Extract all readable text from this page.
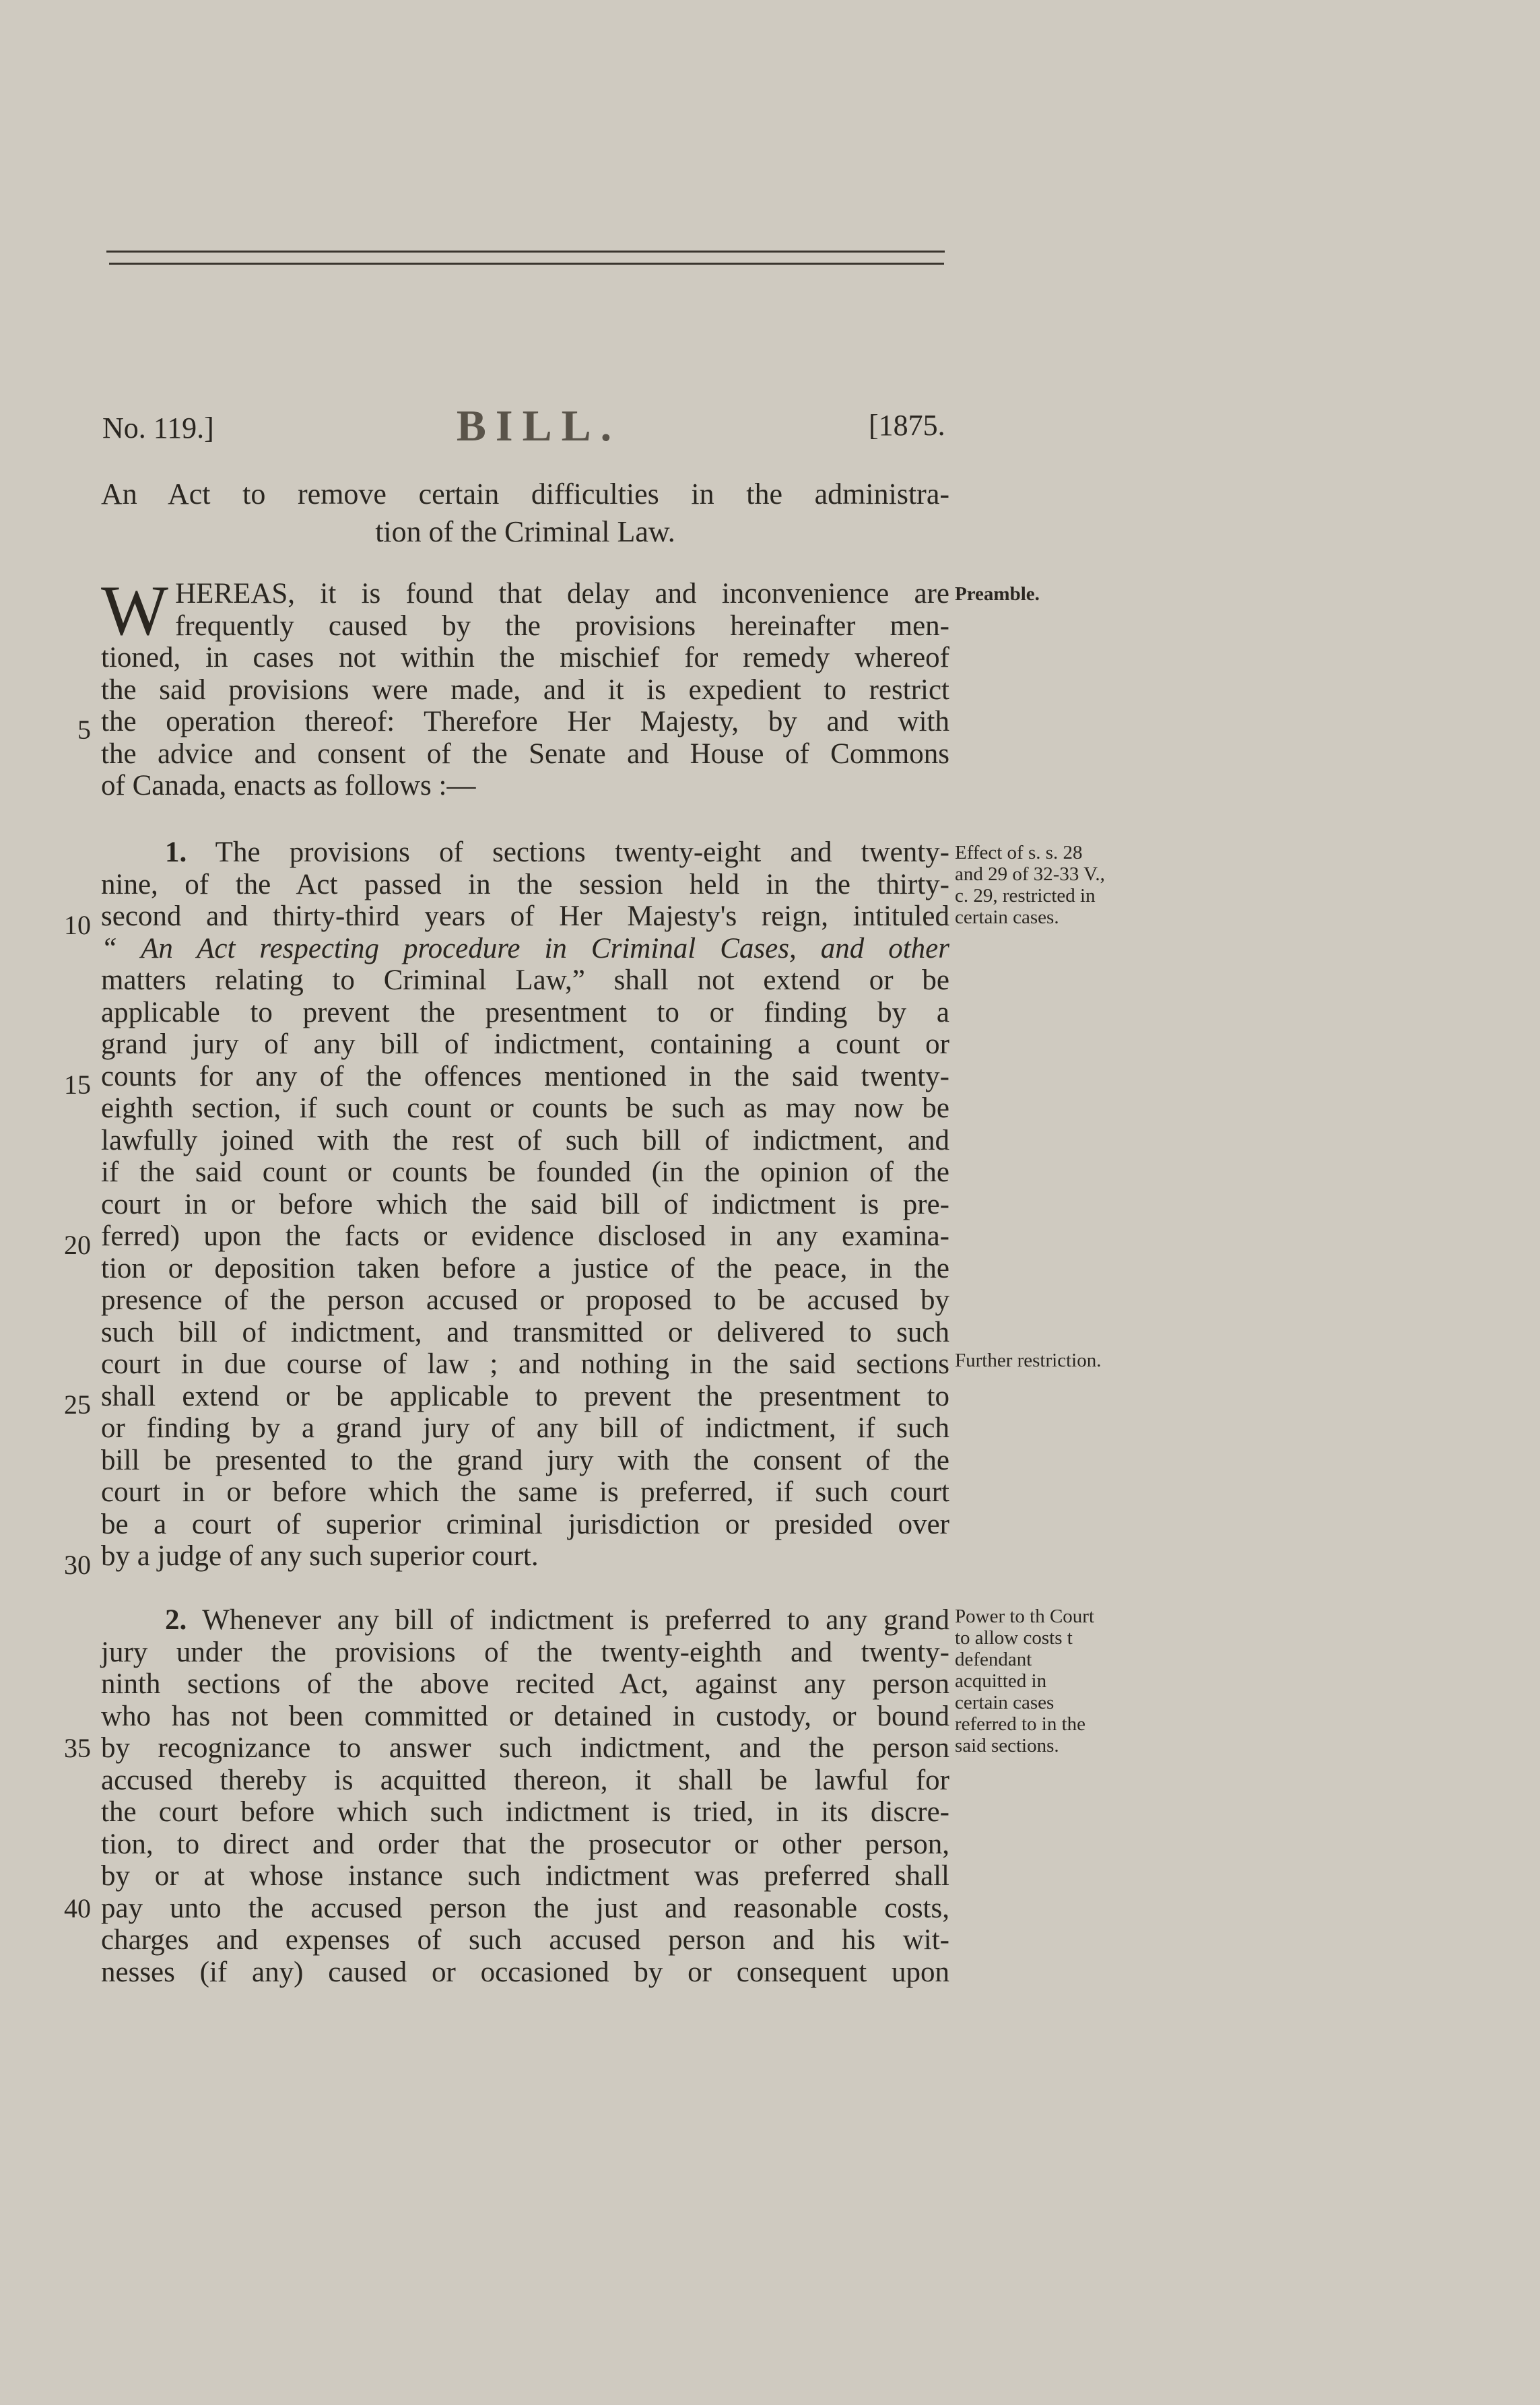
No. 119.]	BILL.	[1875.
An Act to remove certain difficulties in the administra-
tion of the Criminal Law.
W HEREAS, it is found that delay and inconvenience are
frequently caused by the provisions hereinafter men-
tioned, in cases not within the mischief for remedy whereof
the said provisions were made, and it is expedient to restrict
the operation thereof: Therefore Her Majesty, by and with
the advice and consent of the Senate and House of Commons
of Canada, enacts as follows :—
Preamble.
1. The provisions of sections twenty-eight and twenty-
nine, of the Act passed in the session held in the thirty-
second and thirty-third years of Her Majesty's reign, intituled
“ An Act respecting procedure in Criminal Cases, and other
matters relating to Criminal Law,” shall not extend or be
applicable to prevent the presentment to or finding by a
grand jury of any bill of indictment, containing a count or
counts for any of the offences mentioned in the said twenty-
eighth section, if such count or counts be such as may now be
lawfully joined with the rest of such bill of indictment, and
if the said count or counts be founded (in the opinion of the
court in or before which the said bill of indictment is pre-
ferred) upon the facts or evidence disclosed in any examina-
tion or deposition taken before a justice of the peace, in the
presence of the person accused or proposed to be accused by
such bill of indictment, and transmitted or delivered to such
court in due course of law ; and nothing in the said sections
shall extend or be applicable to prevent the presentment to
or finding by a grand jury of any bill of indictment, if such
bill be presented to the grand jury with the consent of the
court in or before which the same is preferred, if such court
be a court of superior criminal jurisdiction or presided over
by a judge of any such superior court.
Effect of s. s. 28 and 29 of 32-33 V., c. 29, restricted in certain cases.
Further restriction.
2. Whenever any bill of indictment is preferred to any grand
jury under the provisions of the twenty-eighth and twenty-
ninth sections of the above recited Act, against any person
who has not been committed or detained in custody, or bound
by recognizance to answer such indictment, and the person
accused thereby is acquitted thereon, it shall be lawful for
the court before which such indictment is tried, in its discre-
tion, to direct and order that the prosecutor or other person,
by or at whose instance such indictment was preferred shall
pay unto the accused person the just and reasonable costs,
charges and expenses of such accused person and his wit-
nesses (if any) caused or occasioned by or consequent upon
Power to th Court to allow costs t defendant acquitted in certain cases referred to in the said sections.
5
10
15
20
25
30
35
40
